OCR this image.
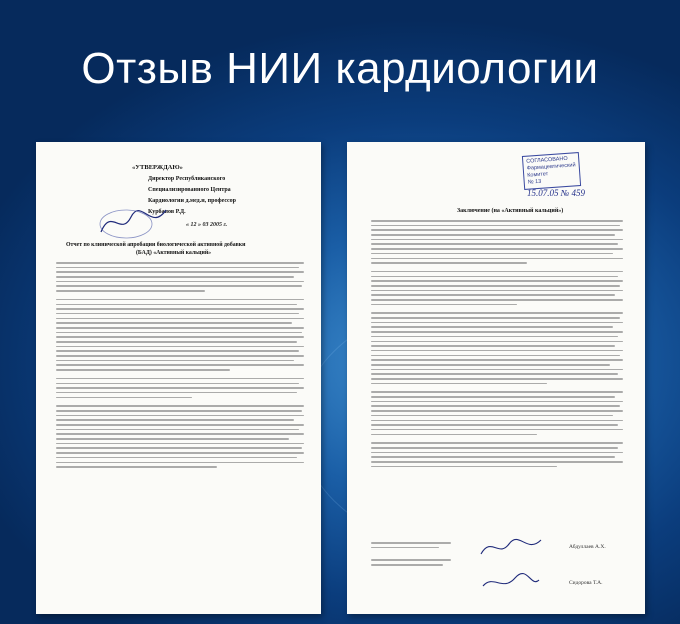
Отзыв НИИ кардиологии
«УТВЕРЖДАЮ»
Директор Республиканского
Специализированного Центра
Кардиологии д.мед.н, профессор
Курбанов Р.Д.
« 12 » 03 2005 г.
Отчет по клинической апробации биологической активной добавки
(БАД) «Активный кальций»
СОГЛАСОВАНО
Фармацевтический
Комитет
№ 13
15.07.05 № 459
Заключение (на «Активный кальций»)
Абдуллаев А.Х.
Сидорова Т.А.
